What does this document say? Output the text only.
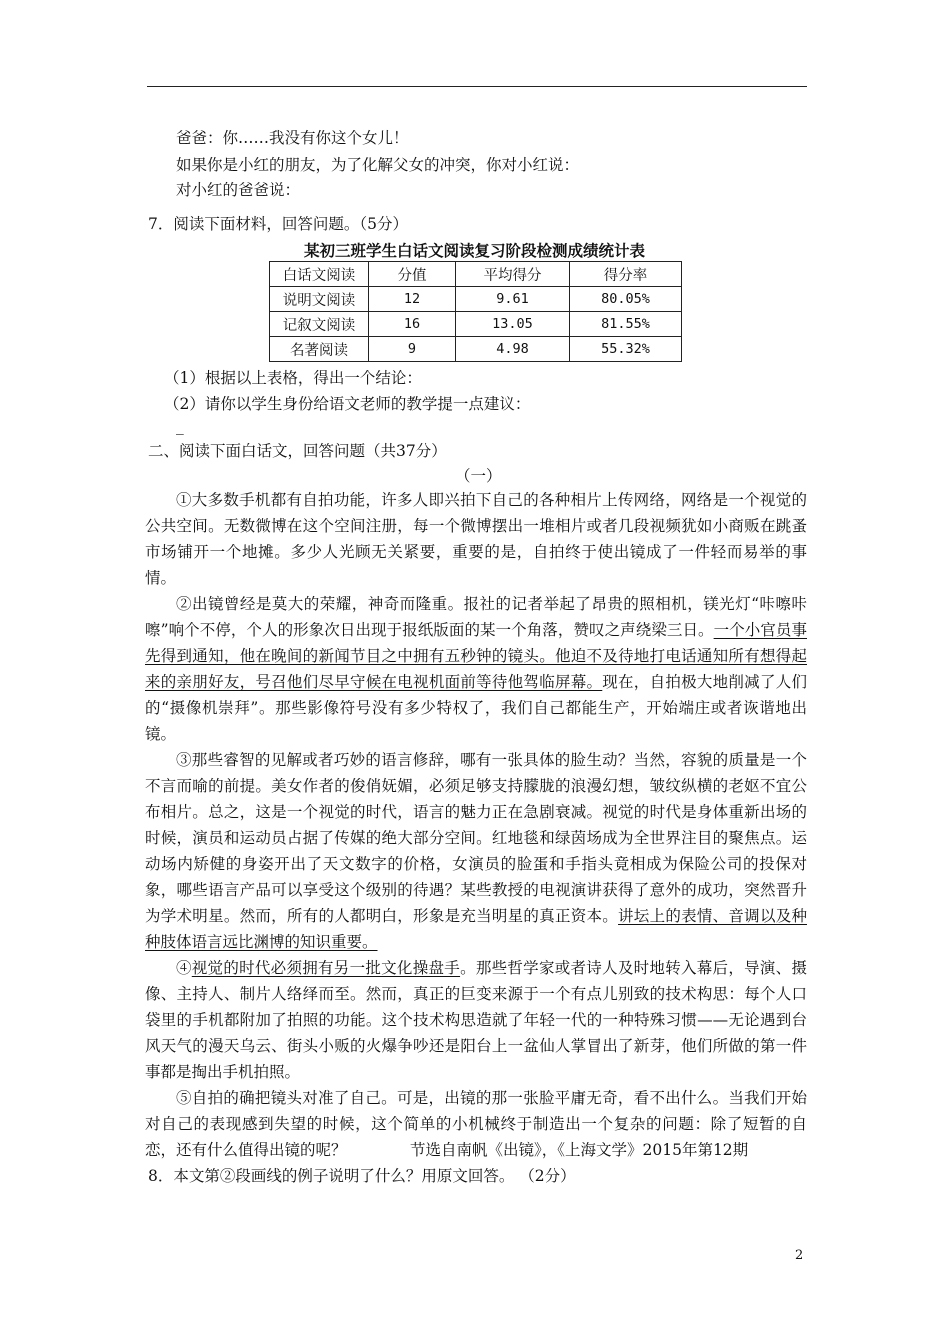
爸爸：你……我没有你这个女儿！
如果你是小红的朋友，为了化解父女的冲突，你对小红说：
对小红的爸爸说：
7．阅读下面材料，回答问题。（5分）
某初三班学生白话文阅读复习阶段检测成绩统计表
白话文阅读	分值	平均得分	得分率
说明文阅读	12	9.61	80.05%
记叙文阅读	16	13.05	81.55%
名著阅读	9	4.98	55.32%
（1）根据以上表格，得出一个结论：
（2）请你以学生身份给语文老师的教学提一点建议：
_
二、阅读下面白话文，回答问题（共37分）
（一）

①大多数手机都有自拍功能，许多人即兴拍下自己的各种相片上传网络，网络是一个视觉的公共空间。无数微博在这个空间注册，每一个微博摆出一堆相片或者几段视频犹如小商贩在跳蚤市场铺开一个地摊。多少人光顾无关紧要，重要的是，自拍终于使出镜成了一件轻而易举的事情。

②出镜曾经是莫大的荣耀，神奇而隆重。报社的记者举起了昂贵的照相机，镁光灯“咔嚓咔嚓”响个不停，个人的形象次日出现于报纸版面的某一个角落，赞叹之声绕梁三日。一个小官员事先得到通知，他在晚间的新闻节目之中拥有五秒钟的镜头。他迫不及待地打电话通知所有想得起来的亲朋好友，号召他们尽早守候在电视机面前等待他驾临屏幕。现在，自拍极大地削减了人们的“摄像机崇拜”。那些影像符号没有多少特权了，我们自己都能生产，开始端庄或者诙谐地出镜。

③那些睿智的见解或者巧妙的语言修辞，哪有一张具体的脸生动？当然，容貌的质量是一个不言而喻的前提。美女作者的俊俏妩媚，必须足够支持朦胧的浪漫幻想，皱纹纵横的老妪不宜公布相片。总之，这是一个视觉的时代，语言的魅力正在急剧衰减。视觉的时代是身体重新出场的时候，演员和运动员占据了传媒的绝大部分空间。红地毯和绿茵场成为全世界注目的聚焦点。运动场内矫健的身姿开出了天文数字的价格，女演员的脸蛋和手指头竟相成为保险公司的投保对象，哪些语言产品可以享受这个级别的待遇？某些教授的电视演讲获得了意外的成功，突然晋升为学术明星。然而，所有的人都明白，形象是充当明星的真正资本。讲坛上的表情、音调以及种种肢体语言远比渊博的知识重要。

④视觉的时代必须拥有另一批文化操盘手。那些哲学家或者诗人及时地转入幕后，导演、摄像、主持人、制片人络绎而至。然而，真正的巨变来源于一个有点儿别致的技术构思：每个人口袋里的手机都附加了拍照的功能。这个技术构思造就了年轻一代的一种特殊习惯——无论遇到台风天气的漫天乌云、街头小贩的火爆争吵还是阳台上一盆仙人掌冒出了新芽，他们所做的第一件事都是掏出手机拍照。

⑤自拍的确把镜头对准了自己。可是，出镜的那一张脸平庸无奇，看不出什么。当我们开始对自己的表现感到失望的时候，这个简单的小机械终于制造出一个复杂的问题：除了短暂的自恋，还有什么值得出镜的呢？	节选自南帆《出镜》，《上海文学》2015年第12期
8．本文第②段画线的例子说明了什么？用原文回答。 （2分）
2
